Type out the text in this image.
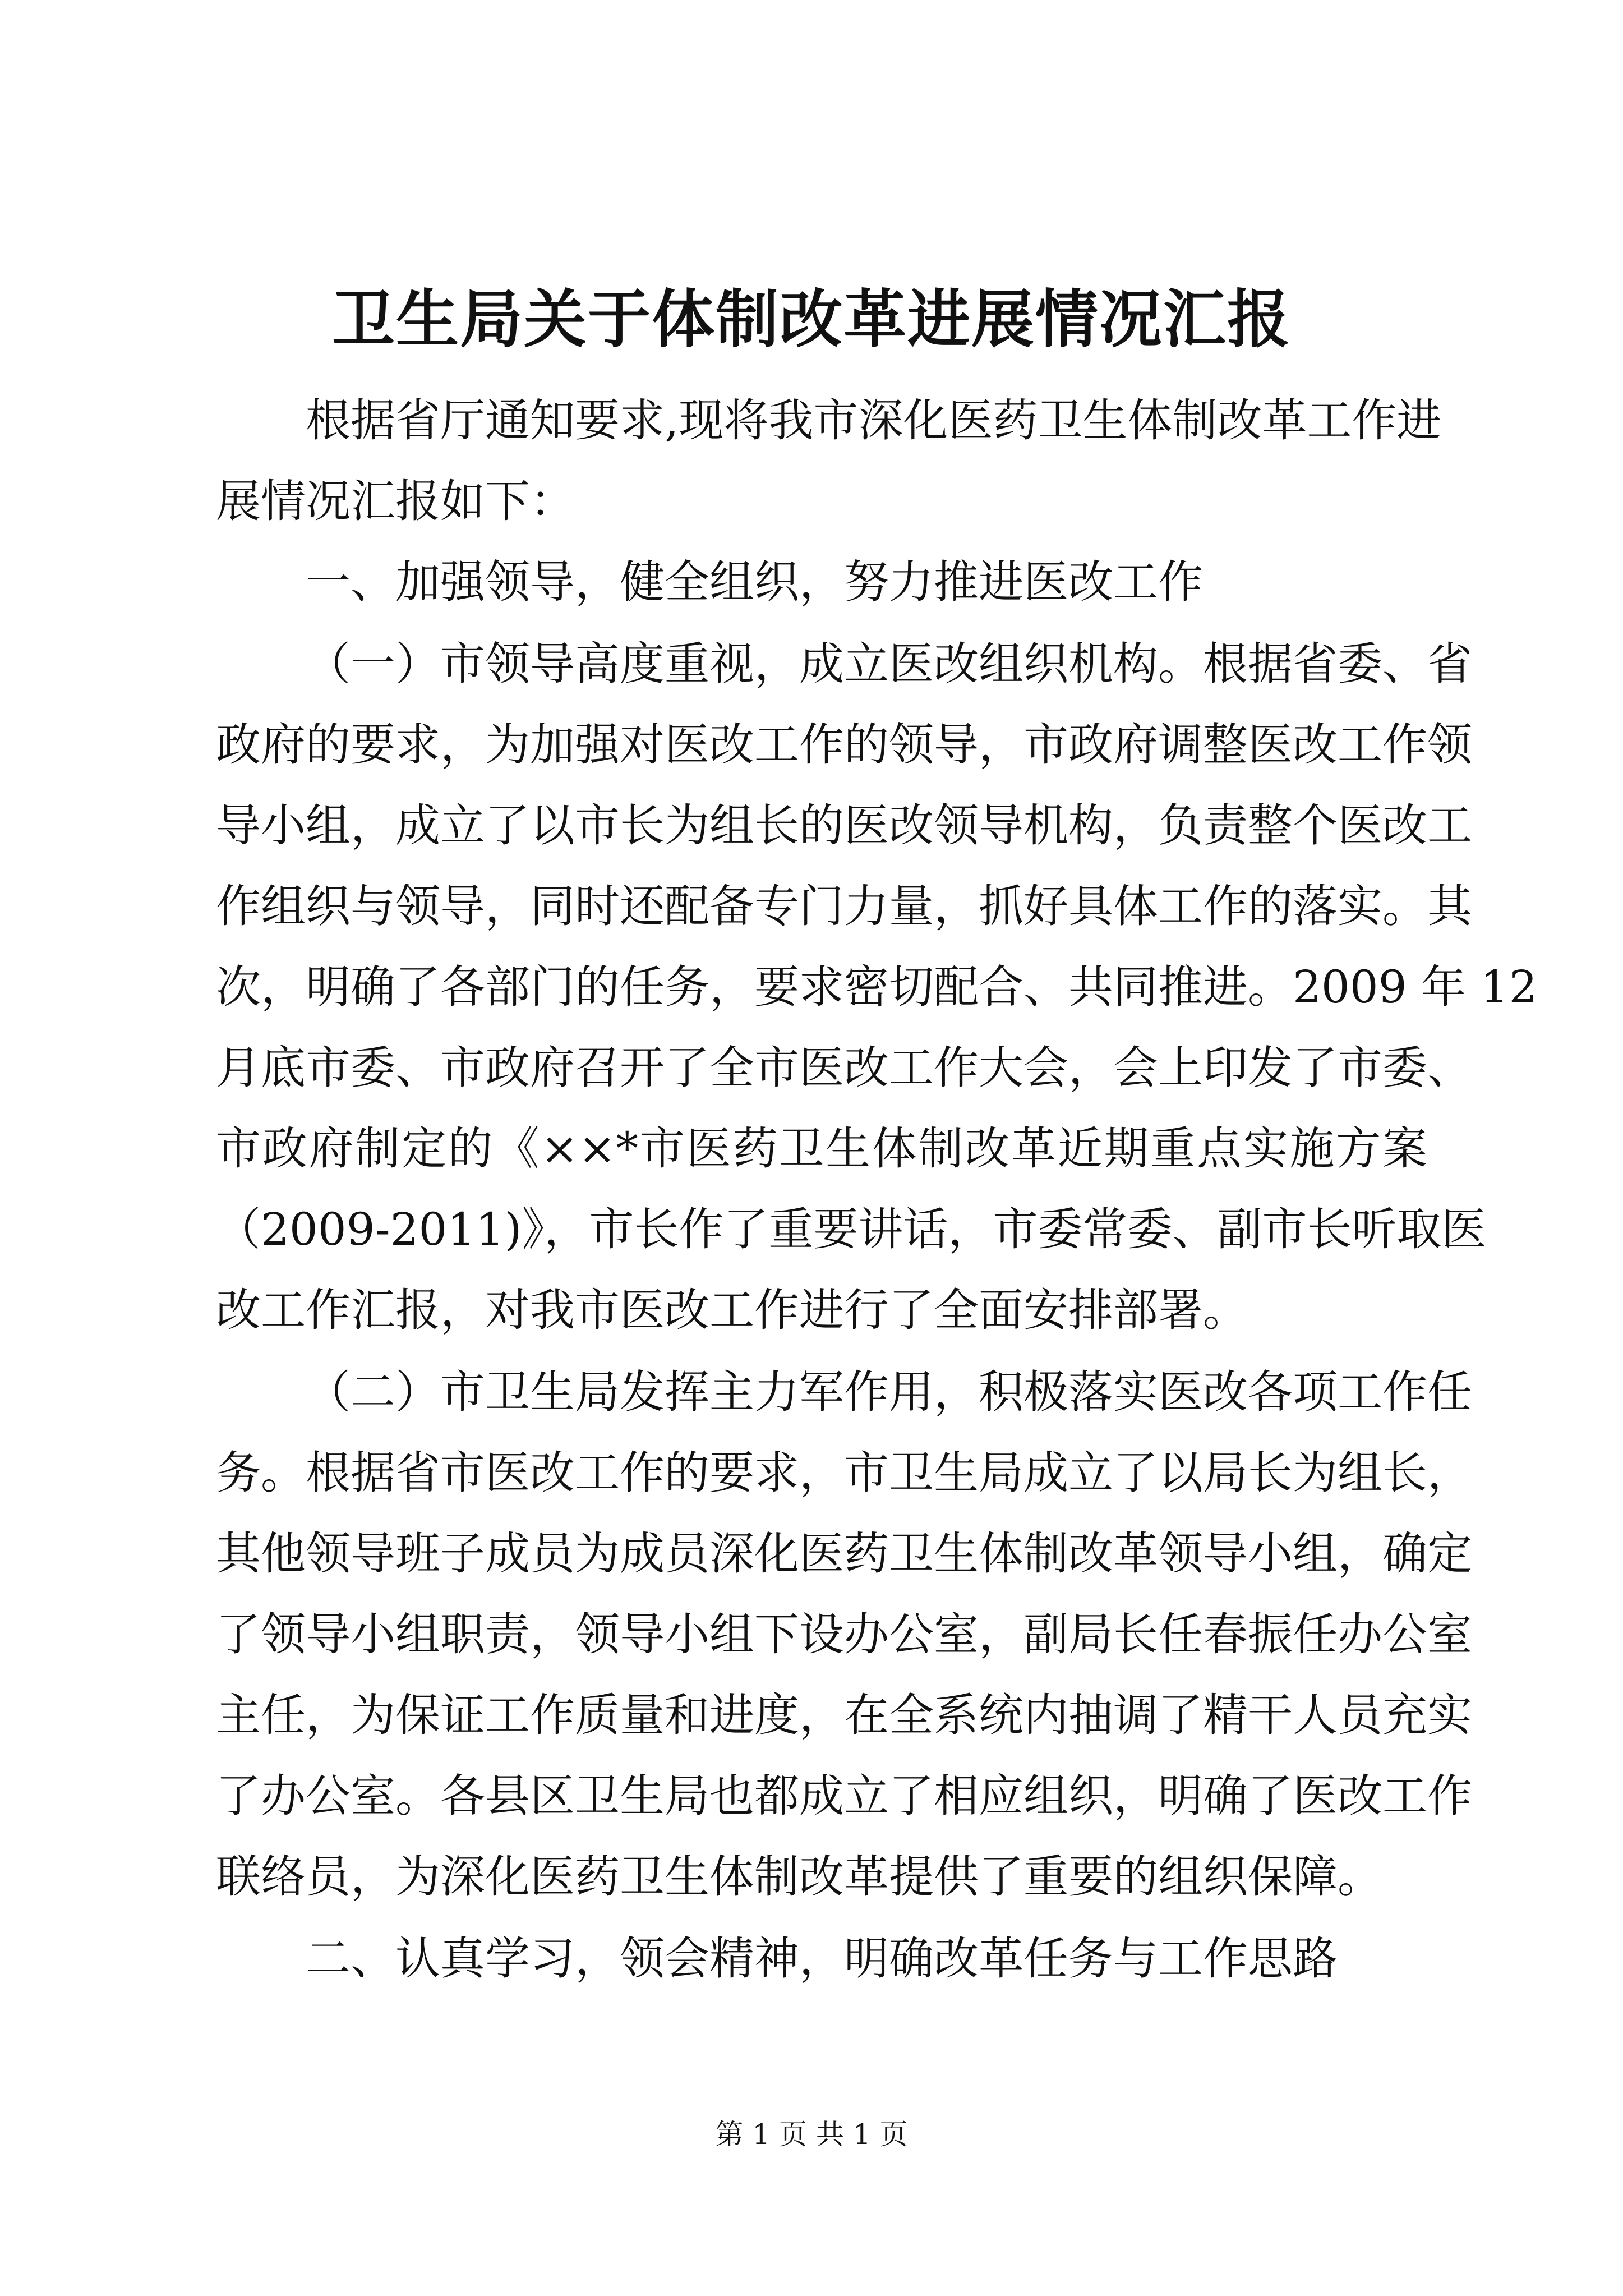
卫生局关于体制改革进展情况汇报
根据省厅通知要求,现将我市深化医药卫生体制改革工作进
展情况汇报如下：
一、加强领导，健全组织，努力推进医改工作
（一）市领导高度重视，成立医改组织机构。根据省委、省
政府的要求，为加强对医改工作的领导，市政府调整医改工作领
导小组，成立了以市长为组长的医改领导机构，负责整个医改工
作组织与领导，同时还配备专门力量，抓好具体工作的落实。其
次，明确了各部门的任务，要求密切配合、共同推进。2009 年 12
月底市委、市政府召开了全市医改工作大会，会上印发了市委、
市政府制定的《××*市医药卫生体制改革近期重点实施方案
（2009-2011)》，市长作了重要讲话，市委常委、副市长听取医
改工作汇报，对我市医改工作进行了全面安排部署。
（二）市卫生局发挥主力军作用，积极落实医改各项工作任
务。根据省市医改工作的要求，市卫生局成立了以局长为组长，
其他领导班子成员为成员深化医药卫生体制改革领导小组，确定
了领导小组职责，领导小组下设办公室，副局长任春振任办公室
主任，为保证工作质量和进度，在全系统内抽调了精干人员充实
了办公室。各县区卫生局也都成立了相应组织，明确了医改工作
联络员，为深化医药卫生体制改革提供了重要的组织保障。
二、认真学习，领会精神，明确改革任务与工作思路
第 1 页 共 1 页
